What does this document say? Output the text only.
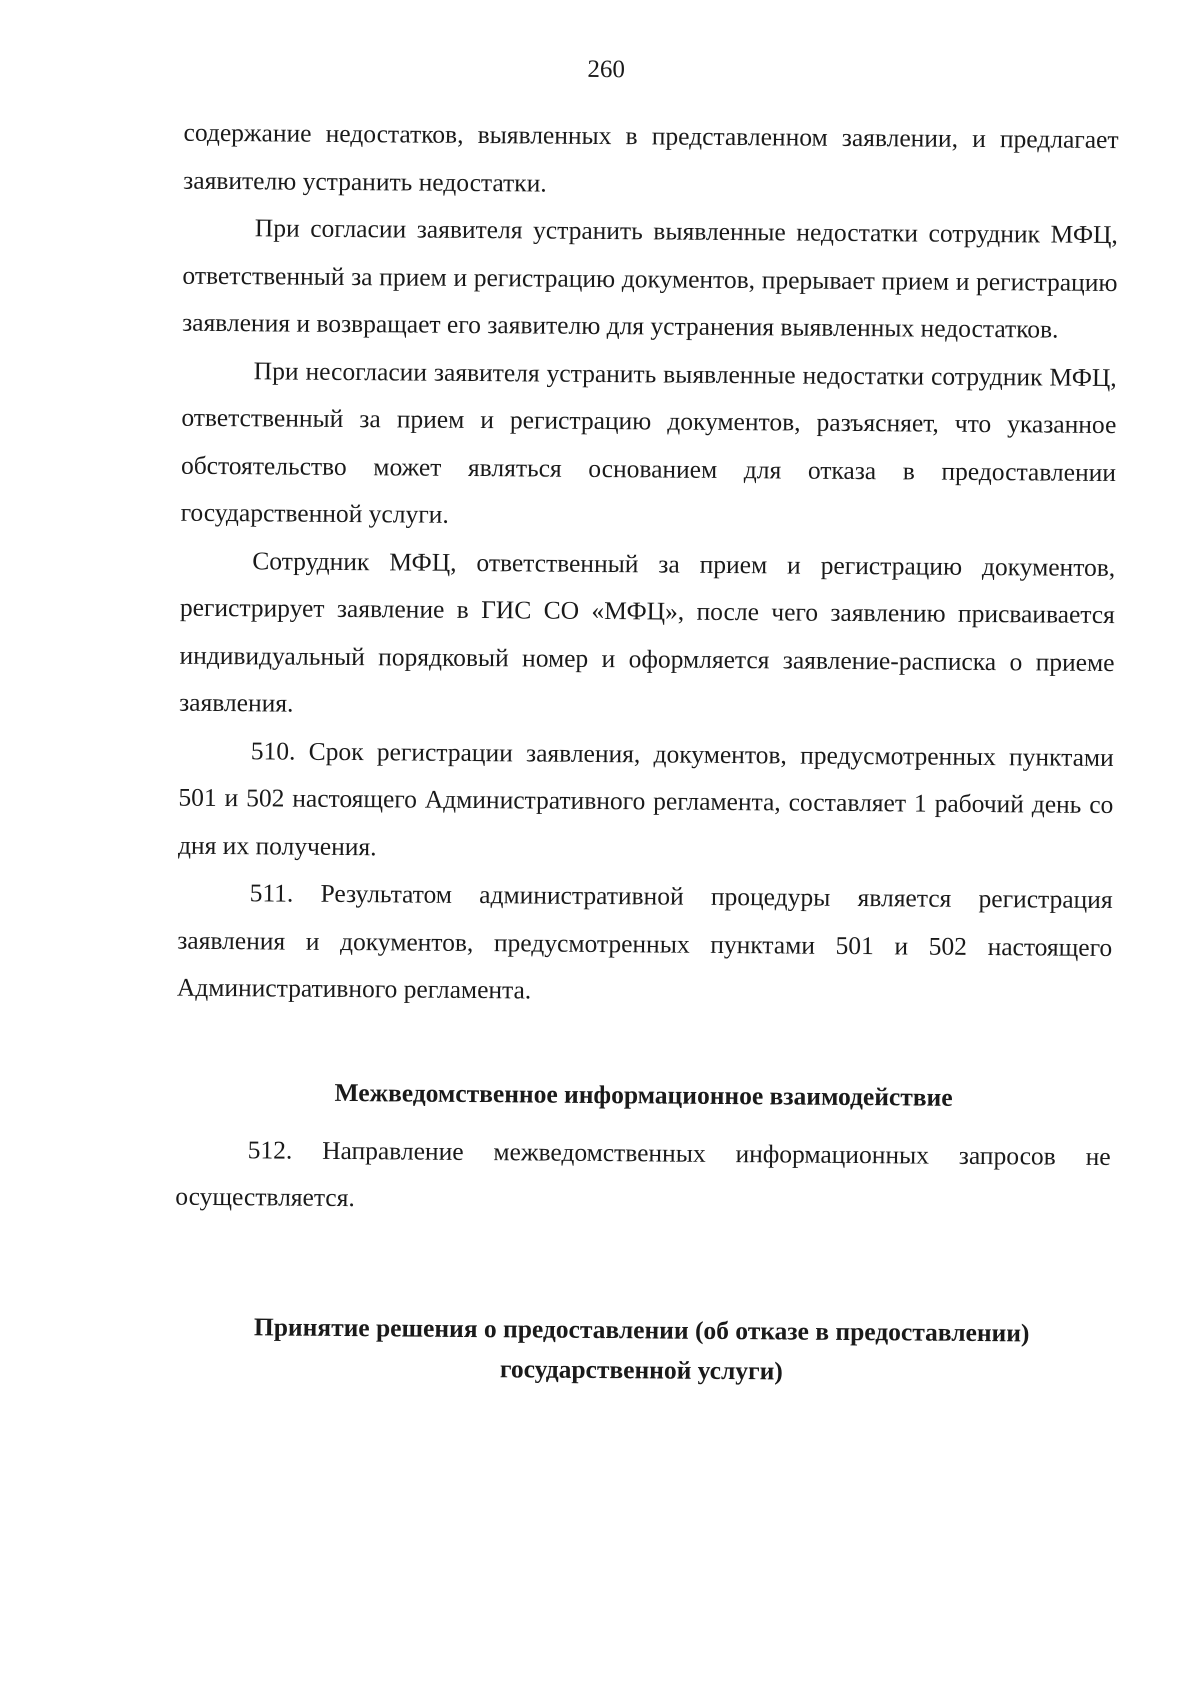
260

содержание недостатков, выявленных в представленном заявлении, и предлагает заявителю устранить недостатки.

При согласии заявителя устранить выявленные недостатки сотрудник МФЦ, ответственный за прием и регистрацию документов, прерывает прием и регистрацию заявления и возвращает его заявителю для устранения выявленных недостатков.

При несогласии заявителя устранить выявленные недостатки сотрудник МФЦ, ответственный за прием и регистрацию документов, разъясняет, что указанное обстоятельство может являться основанием для отказа в предоставлении государственной услуги.

Сотрудник МФЦ, ответственный за прием и регистрацию документов, регистрирует заявление в ГИС СО «МФЦ», после чего заявлению присваивается индивидуальный порядковый номер и оформляется заявление-расписка о приеме заявления.

510. Срок регистрации заявления, документов, предусмотренных пунктами 501 и 502 настоящего Административного регламента, составляет 1 рабочий день со дня их получения.

511. Результатом административной процедуры является регистрация заявления и документов, предусмотренных пунктами 501 и 502 настоящего Административного регламента.

Межведомственное информационное взаимодействие

512. Направление межведомственных информационных запросов не осуществляется.

Принятие решения о предоставлении (об отказе в предоставлении)
государственной услуги)
